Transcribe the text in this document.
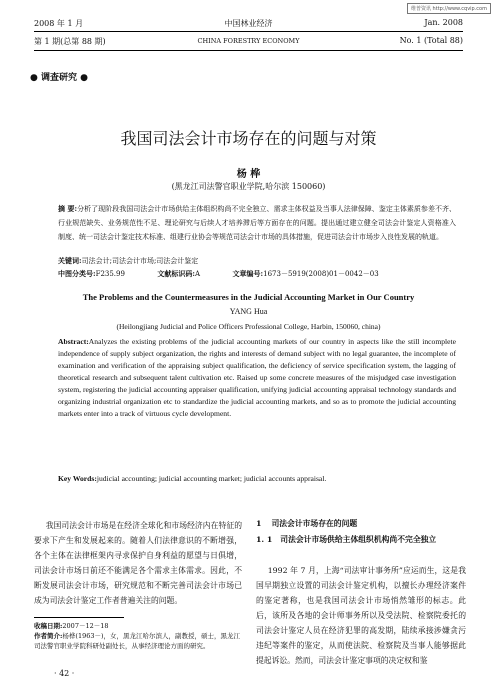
维普资讯 http://www.cqvip.com
2008 年 1 月	中国林业经济	Jan. 2008
第 1 期(总第 88 期)	CHINA FORESTRY ECONOMY	No. 1 (Total 88)
● 调查研究 ●
我国司法会计市场存在的问题与对策
杨 桦
(黑龙江司法警官职业学院,哈尔滨 150060)
摘 要:分析了现阶段我国司法会计市场供给主体组织构尚不完全独立、需求主体权益及当事人法律保障、鉴定主体素质参差不齐、行业规范缺失、业务规范性不足、理论研究与后续人才培养滞后等方面存在的问题。提出通过建立健全司法会计鉴定人资格准入制度、统一司法会计鉴定技术标准、组建行业协会等规范司法会计市场的具体措施，促进司法会计市场步入良性发展的轨道。
关键词:司法会计;司法会计市场;司法会计鉴定
中图分类号:F235.99	文献标识码:A	文章编号:1673－5919(2008)01－0042－03
The Problems and the Countermeasures in the Judicial Accounting Market in Our Country
YANG Hua
(Heilongjiang Judicial and Police Officers Professional College, Harbin, 150060, china)
Abstract:Analyzes the existing problems of the judicial accounting markets of our country in aspects like the still incomplete independence of supply subject organization, the rights and interests of demand subject with no legal guarantee, the incomplete of examination and verification of the appraising subject qualification, the deficiency of service specification system, the lagging of theoretical research and subsequent talent cultivation etc. Raised up some concrete measures of the misjudged case investigation system, registering the judicial accounting appraiser qualification, unifying judicial accounting appraisal technology standards and organizing industrial organization etc to standardize the judicial accounting markets, and so as to promote the judicial accounting markets enter into a track of virtuous cycle development.
Key Words:judicial accounting; judicial accounting market; judicial accounts appraisal.
我国司法会计市场是在经济全球化和市场经济内在特征的要求下产生和发展起来的。随着人们法律意识的不断增强，各个主体在法律框架内寻求保护自身利益的愿望与日俱增，司法会计市场日前还不能满足各个需求主体需求。因此，不断发展司法会计市场，研究规范和不断完善司法会计市场已成为司法会计鉴定工作者普遍关注的问题。
收稿日期:2007－12－18
作者简介:杨桦(1963－)，女，黑龙江哈尔滨人，副教授，硕士，黑龙江司法警官职业学院科研处副处长，从事经济理论方面的研究。
· 42 ·
1 司法会计市场存在的问题
1. 1 司法会计市场供给主体组织机构尚不完全独立
1992 年 7 月，上海“司法审计事务所”应运而生，这是我国早期独立设置的司法会计鉴定机构，以擅长办理经济案件的鉴定著称，也是我国司法会计市场悄然雏形的标志。此后，该所及各地的会计师事务所以及受法院、检察院委托的司法会计鉴定人员在经济犯罪的高发期，陆续承接涉嫌贪污违纪等案件的鉴定，从而使法院、检察院及当事人能够据此提起诉讼。然而，司法会计鉴定事项的决定权和鉴
